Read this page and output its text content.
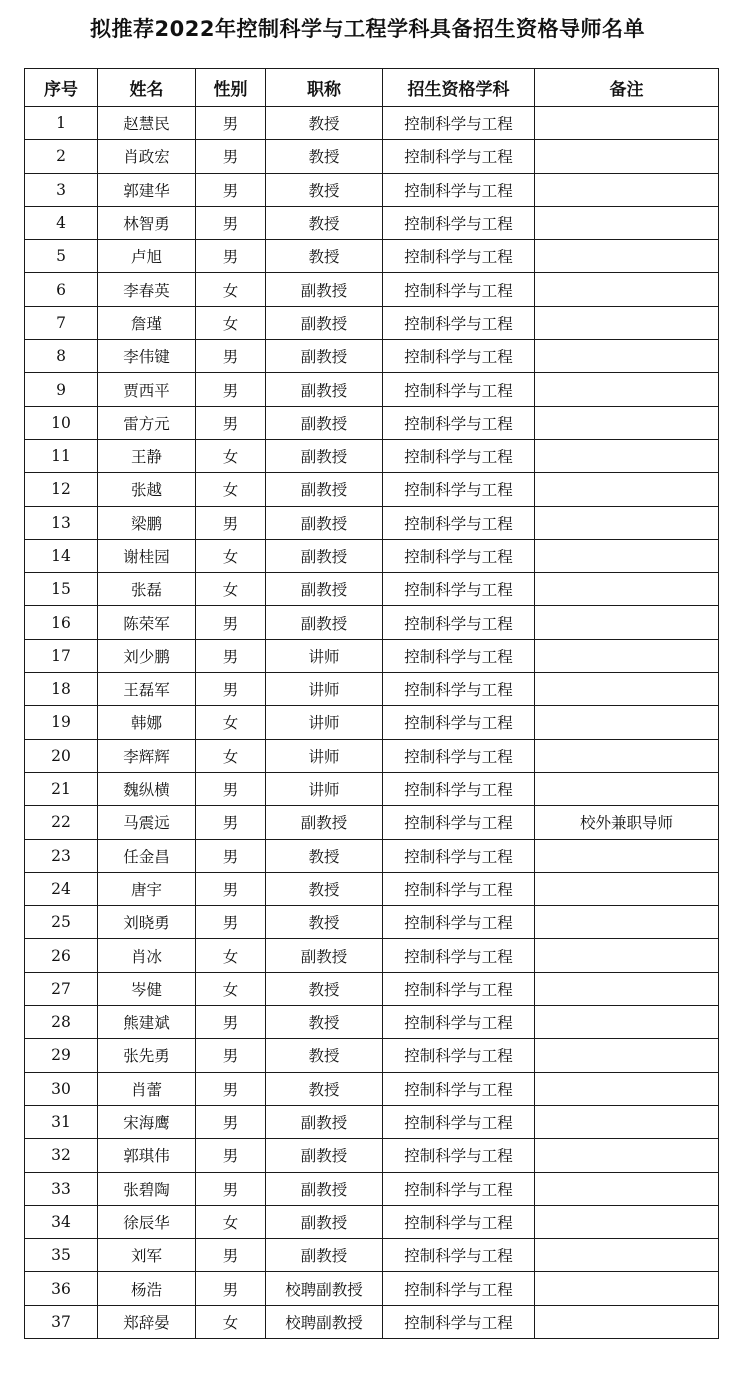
拟推荐2022年控制科学与工程学科具备招生资格导师名单
序号	姓名	性别	职称	招生资格学科	备注
1	赵慧民	男	教授	控制科学与工程	
2	肖政宏	男	教授	控制科学与工程	
3	郭建华	男	教授	控制科学与工程	
4	林智勇	男	教授	控制科学与工程	
5	卢旭	男	教授	控制科学与工程	
6	李春英	女	副教授	控制科学与工程	
7	詹瑾	女	副教授	控制科学与工程	
8	李伟键	男	副教授	控制科学与工程	
9	贾西平	男	副教授	控制科学与工程	
10	雷方元	男	副教授	控制科学与工程	
11	王静	女	副教授	控制科学与工程	
12	张越	女	副教授	控制科学与工程	
13	梁鹏	男	副教授	控制科学与工程	
14	谢桂园	女	副教授	控制科学与工程	
15	张磊	女	副教授	控制科学与工程	
16	陈荣军	男	副教授	控制科学与工程	
17	刘少鹏	男	讲师	控制科学与工程	
18	王磊军	男	讲师	控制科学与工程	
19	韩娜	女	讲师	控制科学与工程	
20	李辉辉	女	讲师	控制科学与工程	
21	魏纵横	男	讲师	控制科学与工程	
22	马震远	男	副教授	控制科学与工程	校外兼职导师
23	任金昌	男	教授	控制科学与工程	
24	唐宇	男	教授	控制科学与工程	
25	刘晓勇	男	教授	控制科学与工程	
26	肖冰	女	副教授	控制科学与工程	
27	岑健	女	教授	控制科学与工程	
28	熊建斌	男	教授	控制科学与工程	
29	张先勇	男	教授	控制科学与工程	
30	肖蕾	男	教授	控制科学与工程	
31	宋海鹰	男	副教授	控制科学与工程	
32	郭琪伟	男	副教授	控制科学与工程	
33	张碧陶	男	副教授	控制科学与工程	
34	徐辰华	女	副教授	控制科学与工程	
35	刘军	男	副教授	控制科学与工程	
36	杨浩	男	校聘副教授	控制科学与工程	
37	郑辞晏	女	校聘副教授	控制科学与工程	
